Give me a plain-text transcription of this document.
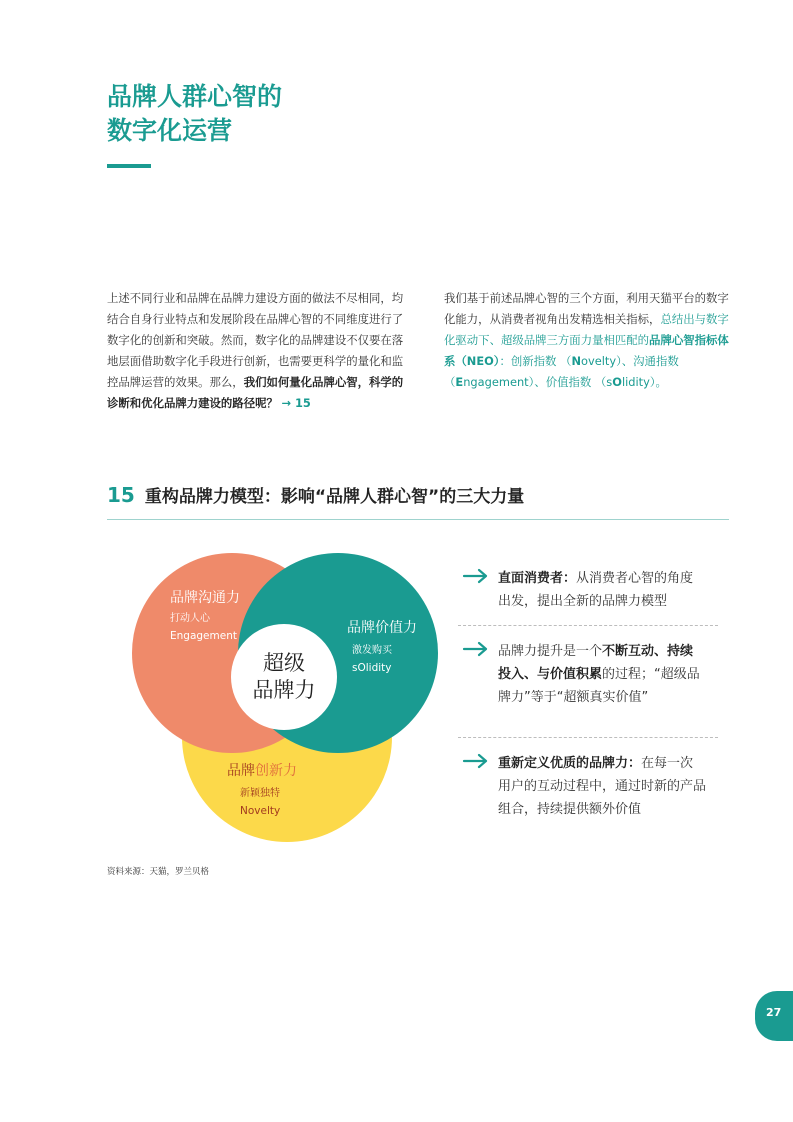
品牌人群心智的
数字化运营

上述不同行业和品牌在品牌力建设方面的做法不尽相同，均结合自身行业特点和发展阶段在品牌心智的不同维度进行了数字化的创新和突破。然而，数字化的品牌建设不仅要在落地层面借助数字化手段进行创新，也需要更科学的量化和监控品牌运营的效果。那么，我们如何量化品牌心智，科学的诊断和优化品牌力建设的路径呢？ → 15

我们基于前述品牌心智的三个方面，利用天猫平台的数字化能力，从消费者视角出发精选相关指标，总结出与数字化驱动下、超级品牌三方面力量相匹配的品牌心智指标体系（NEO）：创新指数 （Novelty）、沟通指数 （Engagement）、价值指数 （sOlidity）。

15 重构品牌力模型：影响“品牌人群心智”的三大力量
超级
品牌力
品牌沟通力
打动人心
Engagement	品牌价值力
激发购买
sOlidity
品牌创新力
新颖独特
Novelty

直面消费者：从消费者心智的角度出发，提出全新的品牌力模型

品牌力提升是一个不断互动、持续投入、与价值积累的过程；“超级品牌力”等于“超额真实价值”

重新定义优质的品牌力：在每一次用户的互动过程中，通过时新的产品组合，持续提供额外价值

资料来源：天猫，罗兰贝格
27
